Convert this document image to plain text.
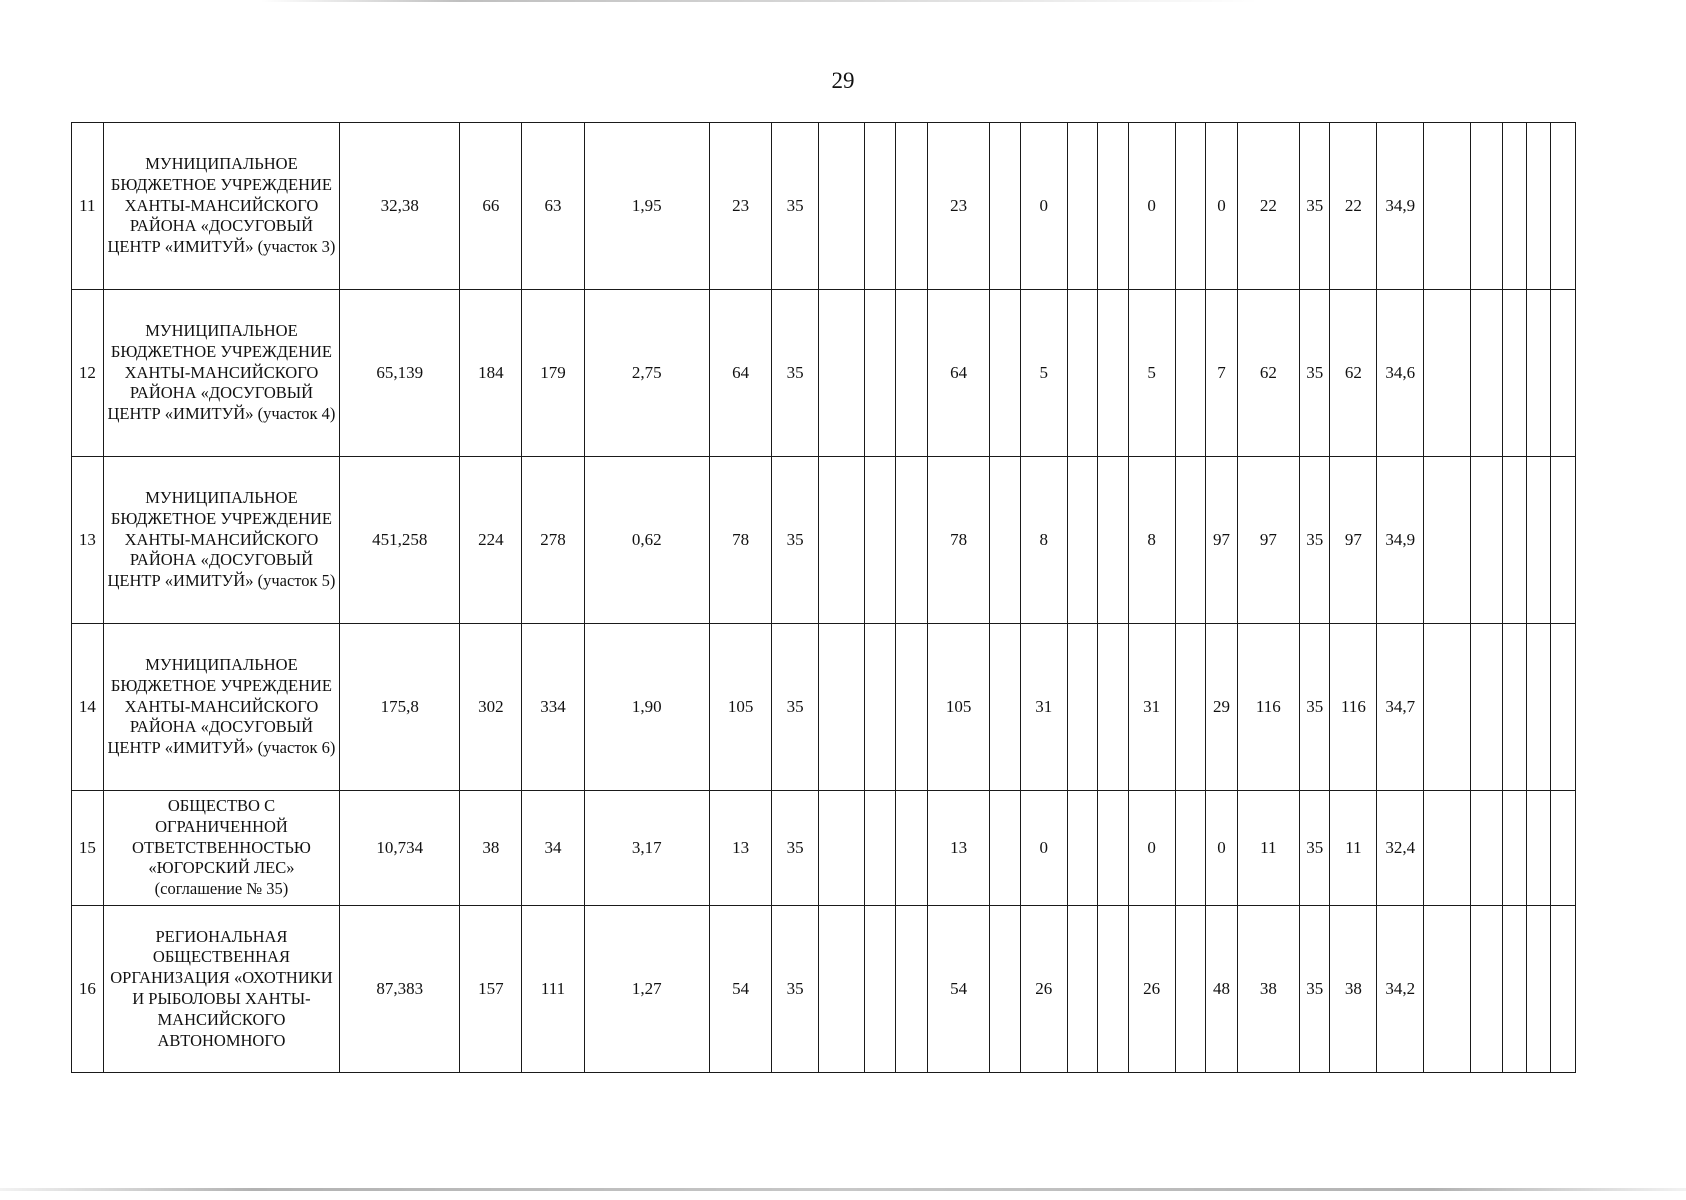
29
11	МУНИЦИПАЛЬНОЕ БЮДЖЕТНОЕ УЧРЕЖДЕНИЕ ХАНТЫ-МАНСИЙСКОГО РАЙОНА «ДОСУГОВЫЙ ЦЕНТР «ИМИТУЙ» (участок 3)	32,38	66	63	1,95	23	35				23		0			0		0	22	35	22	34,9					
12	МУНИЦИПАЛЬНОЕ БЮДЖЕТНОЕ УЧРЕЖДЕНИЕ ХАНТЫ-МАНСИЙСКОГО РАЙОНА «ДОСУГОВЫЙ ЦЕНТР «ИМИТУЙ» (участок 4)	65,139	184	179	2,75	64	35				64		5			5		7	62	35	62	34,6					
13	МУНИЦИПАЛЬНОЕ БЮДЖЕТНОЕ УЧРЕЖДЕНИЕ ХАНТЫ-МАНСИЙСКОГО РАЙОНА «ДОСУГОВЫЙ ЦЕНТР «ИМИТУЙ» (участок 5)	451,258	224	278	0,62	78	35				78		8			8		97	97	35	97	34,9					
14	МУНИЦИПАЛЬНОЕ БЮДЖЕТНОЕ УЧРЕЖДЕНИЕ ХАНТЫ-МАНСИЙСКОГО РАЙОНА «ДОСУГОВЫЙ ЦЕНТР «ИМИТУЙ» (участок 6)	175,8	302	334	1,90	105	35				105		31			31		29	116	35	116	34,7					
15	ОБЩЕСТВО С ОГРАНИЧЕННОЙ ОТВЕТСТВЕННОСТЬЮ «ЮГОРСКИЙ ЛЕС» (соглашение № 35)	10,734	38	34	3,17	13	35				13		0			0		0	11	35	11	32,4					
16	РЕГИОНАЛЬНАЯ ОБЩЕСТВЕННАЯ ОРГАНИЗАЦИЯ «ОХОТНИКИ И РЫБОЛОВЫ ХАНТЫ-МАНСИЙСКОГО АВТОНОМНОГО	87,383	157	111	1,27	54	35				54		26			26		48	38	35	38	34,2					
